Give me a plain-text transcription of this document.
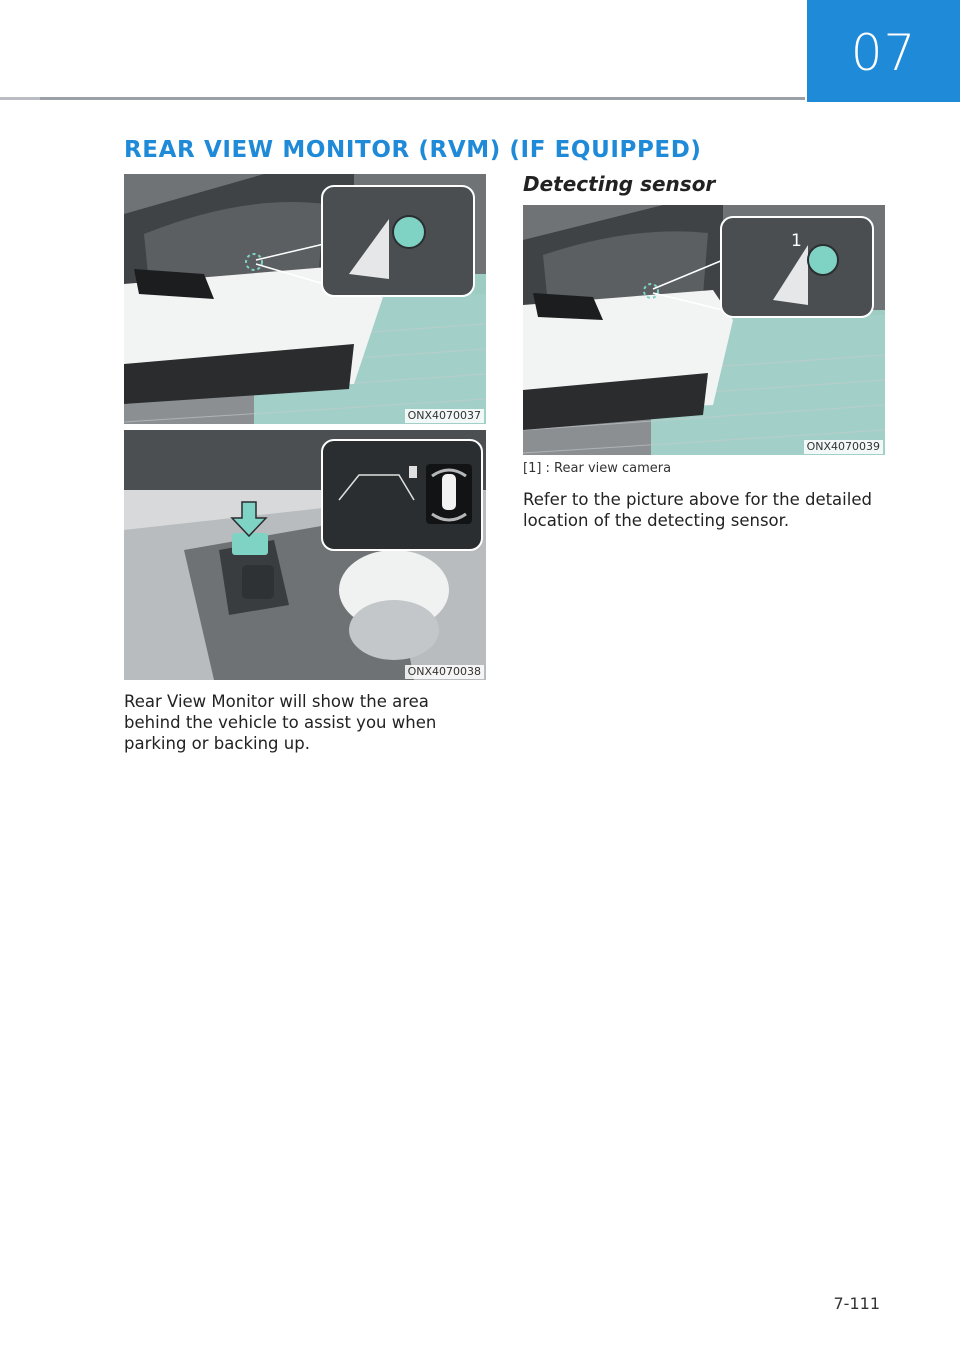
07
REAR VIEW MONITOR (RVM) (IF EQUIPPED)
ONX4070037
ONX4070038

Rear View Monitor will show the area behind the vehicle to assist you when parking or backing up.

Detecting sensor
1
ONX4070039
[1] : Rear view camera

Refer to the picture above for the detailed location of the detecting sensor.

7-111
